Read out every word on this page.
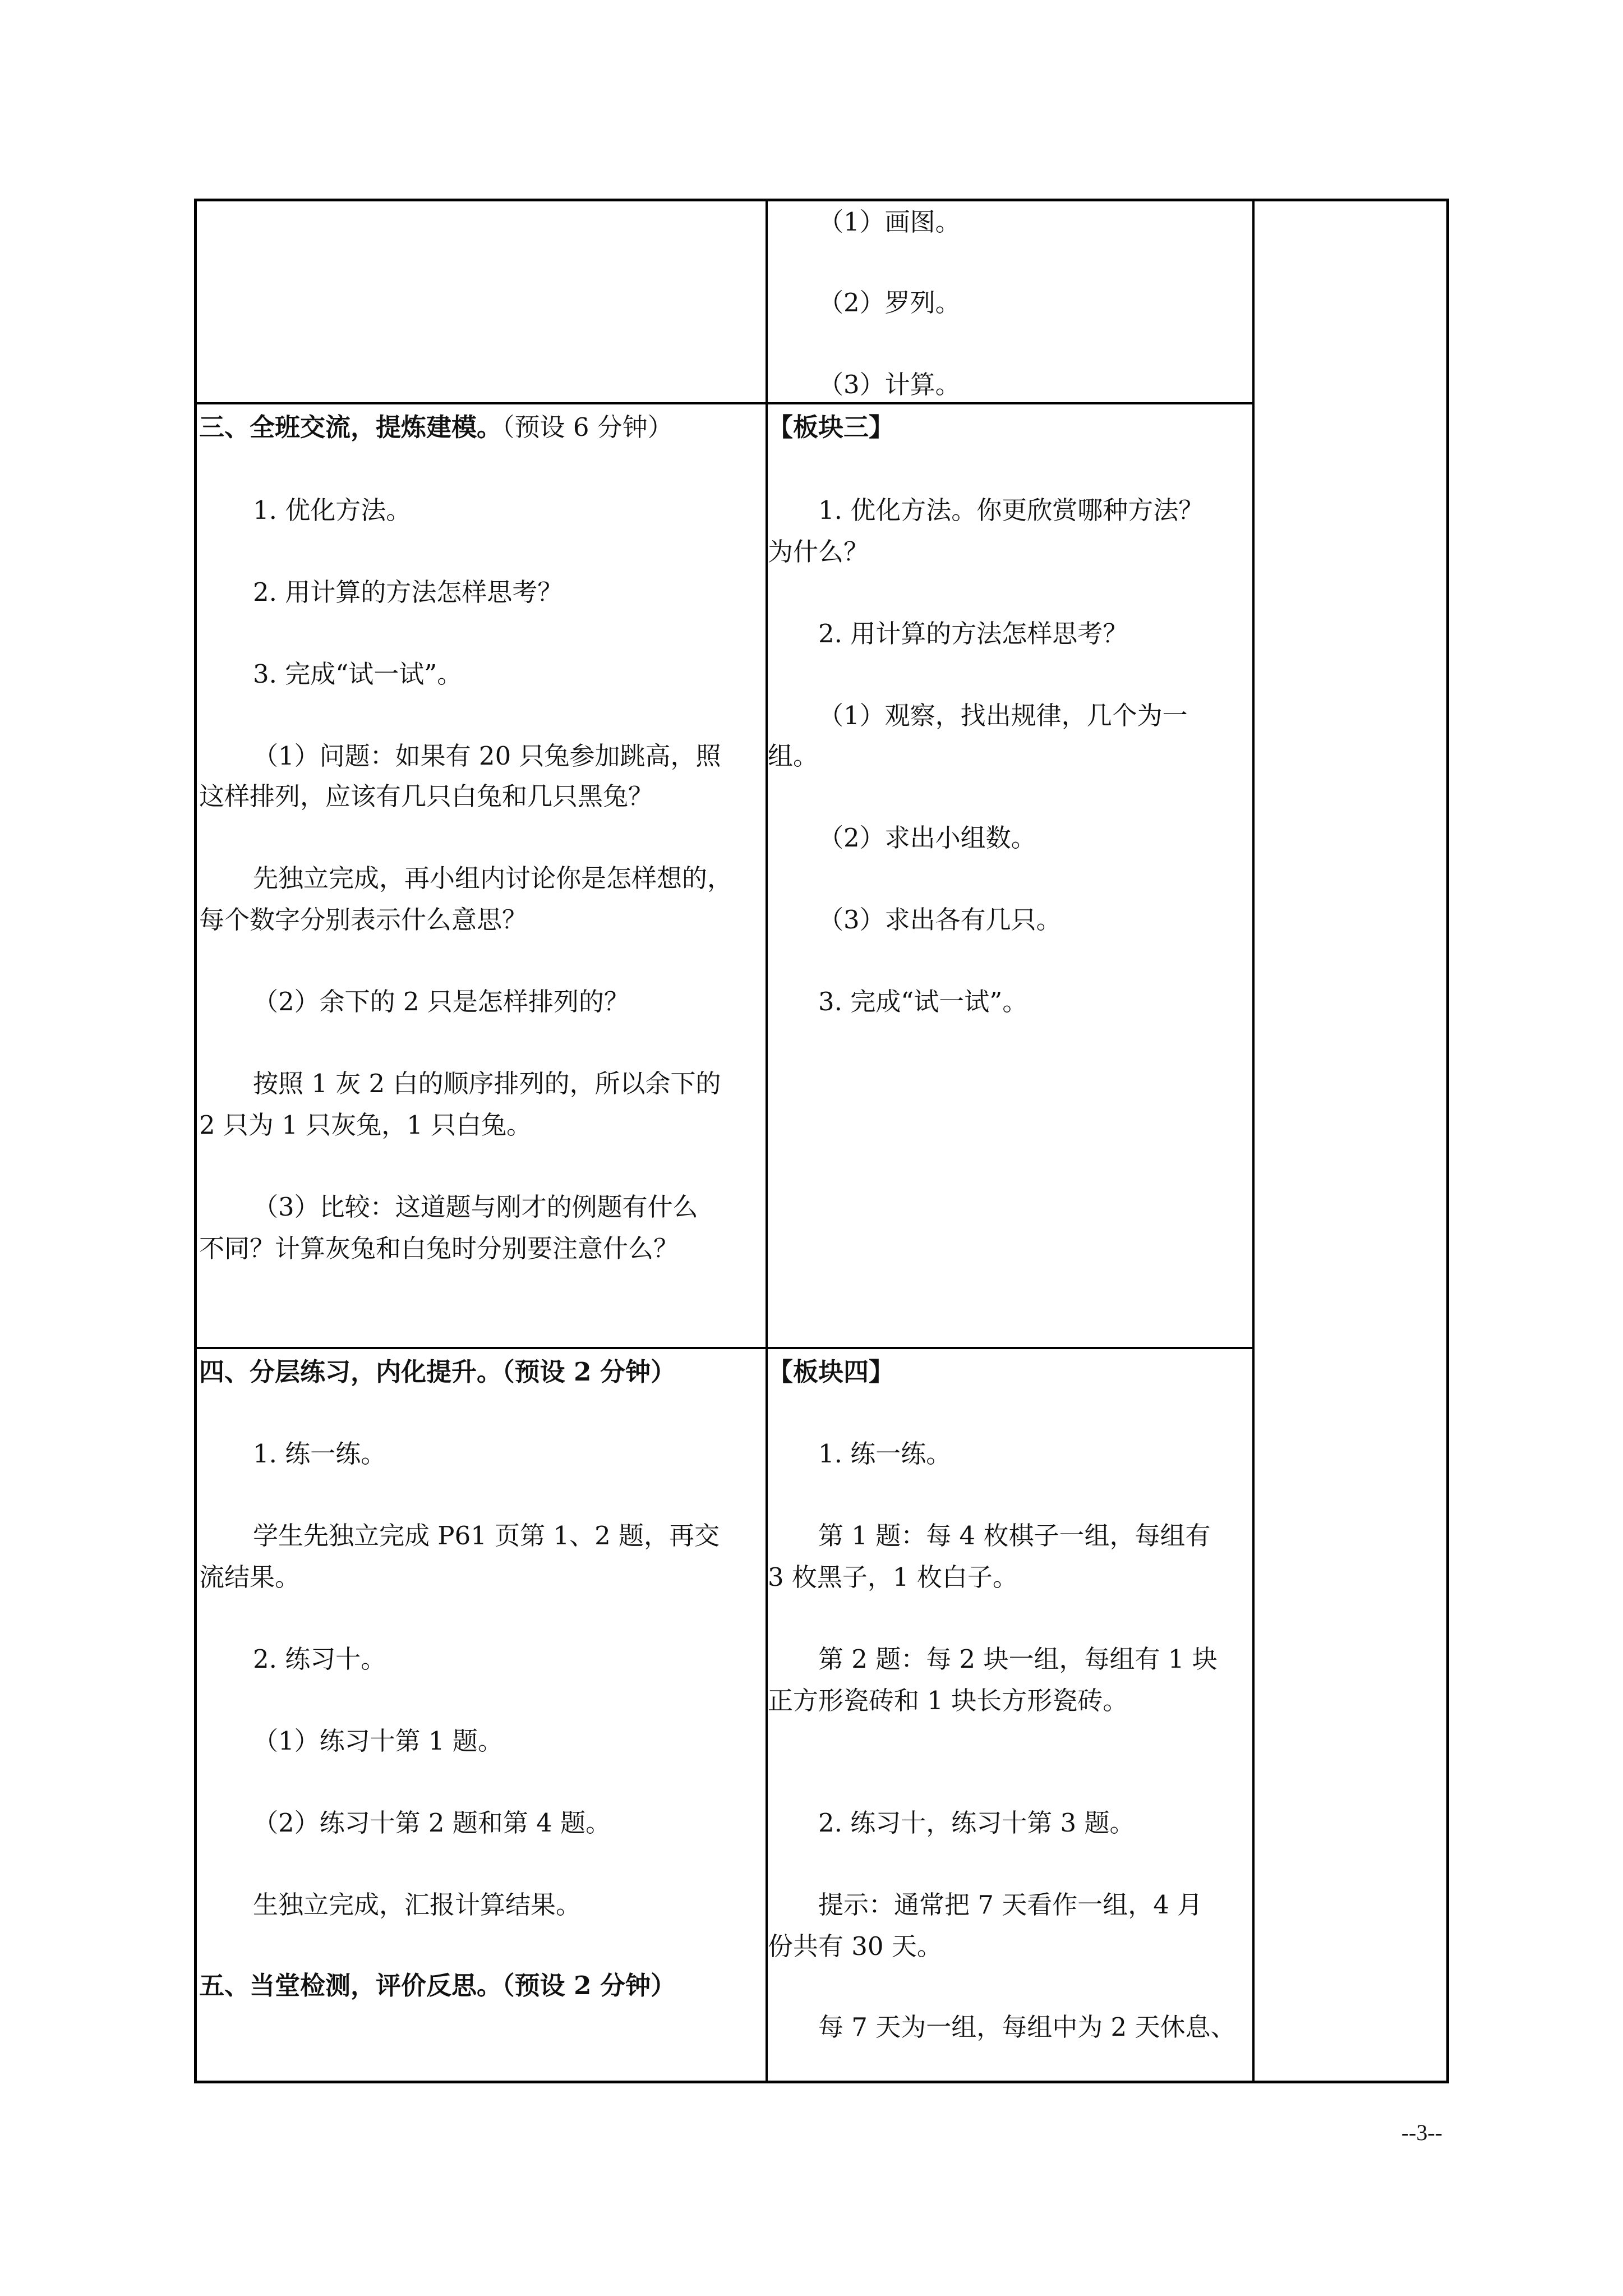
（1）画图。

（2）罗列。

（3）计算。

三、全班交流，提炼建模。（预设 6 分钟）

1. 优化方法。

2. 用计算的方法怎样思考？

3. 完成“试一试”。

（1）问题：如果有 20 只兔参加跳高，照

这样排列，应该有几只白兔和几只黑兔？

先独立完成，再小组内讨论你是怎样想的，

每个数字分别表示什么意思？

（2）余下的 2 只是怎样排列的？

按照 1 灰 2 白的顺序排列的，所以余下的

2 只为 1 只灰兔，1 只白兔。

（3）比较：这道题与刚才的例题有什么

不同？计算灰兔和白兔时分别要注意什么？

【板块三】

1. 优化方法。你更欣赏哪种方法？

为什么？

2. 用计算的方法怎样思考？

（1）观察，找出规律，几个为一

组。

（2）求出小组数。

（3）求出各有几只。

3. 完成“试一试”。

四、分层练习，内化提升。（预设 2 分钟）

1. 练一练。

学生先独立完成 P61 页第 1、2 题，再交

流结果。

2. 练习十。

（1）练习十第 1 题。

（2）练习十第 2 题和第 4 题。

生独立完成，汇报计算结果。

五、当堂检测，评价反思。（预设 2 分钟）

【板块四】

1. 练一练。

第 1 题：每 4 枚棋子一组，每组有

3 枚黑子，1 枚白子。

第 2 题：每 2 块一组，每组有 1 块

正方形瓷砖和 1 块长方形瓷砖。

2. 练习十，练习十第 3 题。

提示：通常把 7 天看作一组，4 月

份共有 30 天。

每 7 天为一组，每组中为 2 天休息、

--3--
